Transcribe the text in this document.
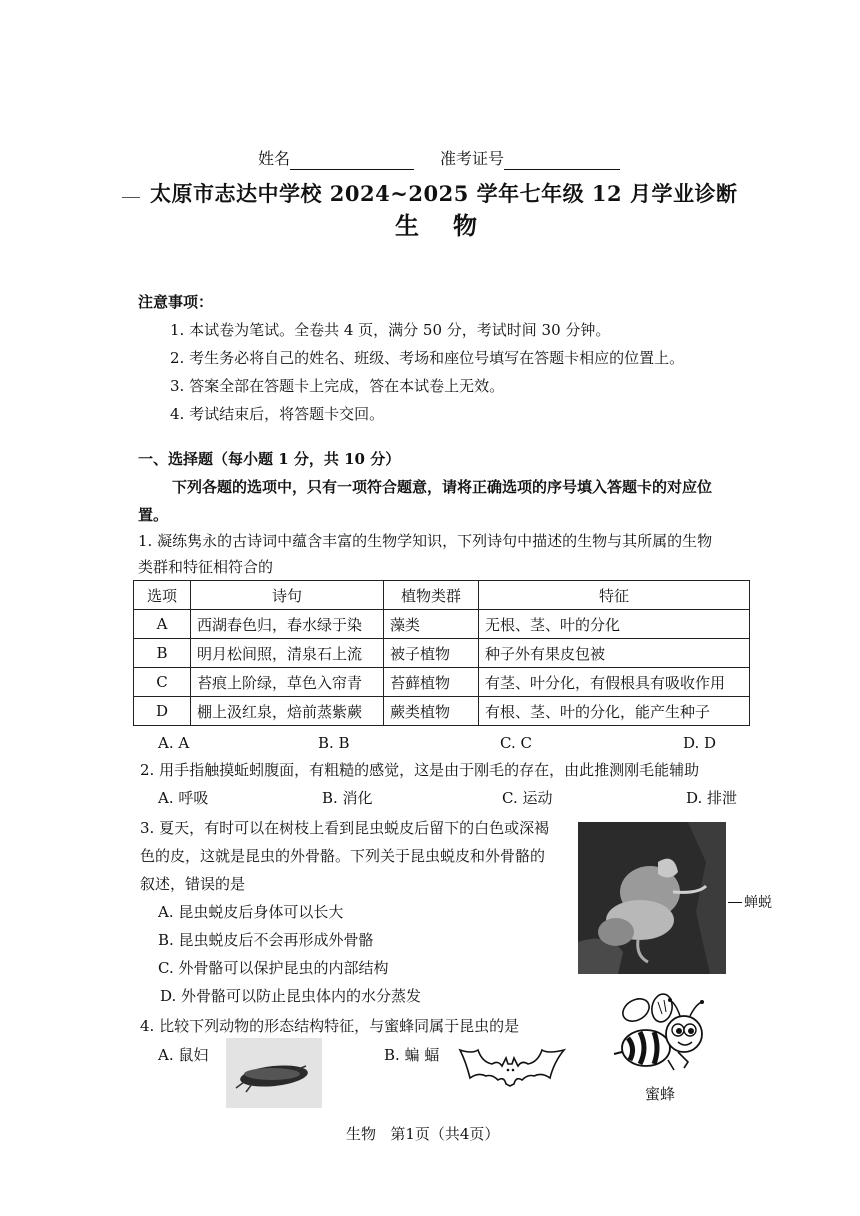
姓名	准考证号
太原市志达中学校 2024~2025 学年七年级 12 月学业诊断
生物
注意事项：
1. 本试卷为笔试。全卷共 4 页，满分 50 分，考试时间 30 分钟。
2. 考生务必将自己的姓名、班级、考场和座位号填写在答题卡相应的位置上。
3. 答案全部在答题卡上完成，答在本试卷上无效。
4. 考试结束后，将答题卡交回。
一、选择题（每小题 1 分，共 10 分）
下列各题的选项中，只有一项符合题意，请将正确选项的序号填入答题卡的对应位
置。
1. 凝练隽永的古诗词中蕴含丰富的生物学知识，下列诗句中描述的生物与其所属的生物
类群和特征相符合的
选项	诗句	植物类群	特征
A	西湖春色归，春水绿于染	藻类	无根、茎、叶的分化
B	明月松间照，清泉石上流	被子植物	种子外有果皮包被
C	苔痕上阶绿，草色入帘青	苔藓植物	有茎、叶分化，有假根具有吸收作用
D	棚上汲红泉，焙前蒸紫蕨	蕨类植物	有根、茎、叶的分化，能产生种子
A. A	B. B	C. C	D. D
2. 用手指触摸蚯蚓腹面，有粗糙的感觉，这是由于刚毛的存在，由此推测刚毛能辅助
A. 呼吸	B. 消化	C. 运动	D. 排泄
3. 夏天，有时可以在树枝上看到昆虫蜕皮后留下的白色或深褐
色的皮，这就是昆虫的外骨骼。下列关于昆虫蜕皮和外骨骼的
叙述，错误的是
A. 昆虫蜕皮后身体可以长大
B. 昆虫蜕皮后不会再形成外骨骼
C. 外骨骼可以保护昆虫的内部结构
D. 外骨骼可以防止昆虫体内的水分蒸发
蝉蜕
4. 比较下列动物的形态结构特征，与蜜蜂同属于昆虫的是
A. 鼠妇	B. 蝙 蝠
蜜蜂
生物 第1页（共4页）
